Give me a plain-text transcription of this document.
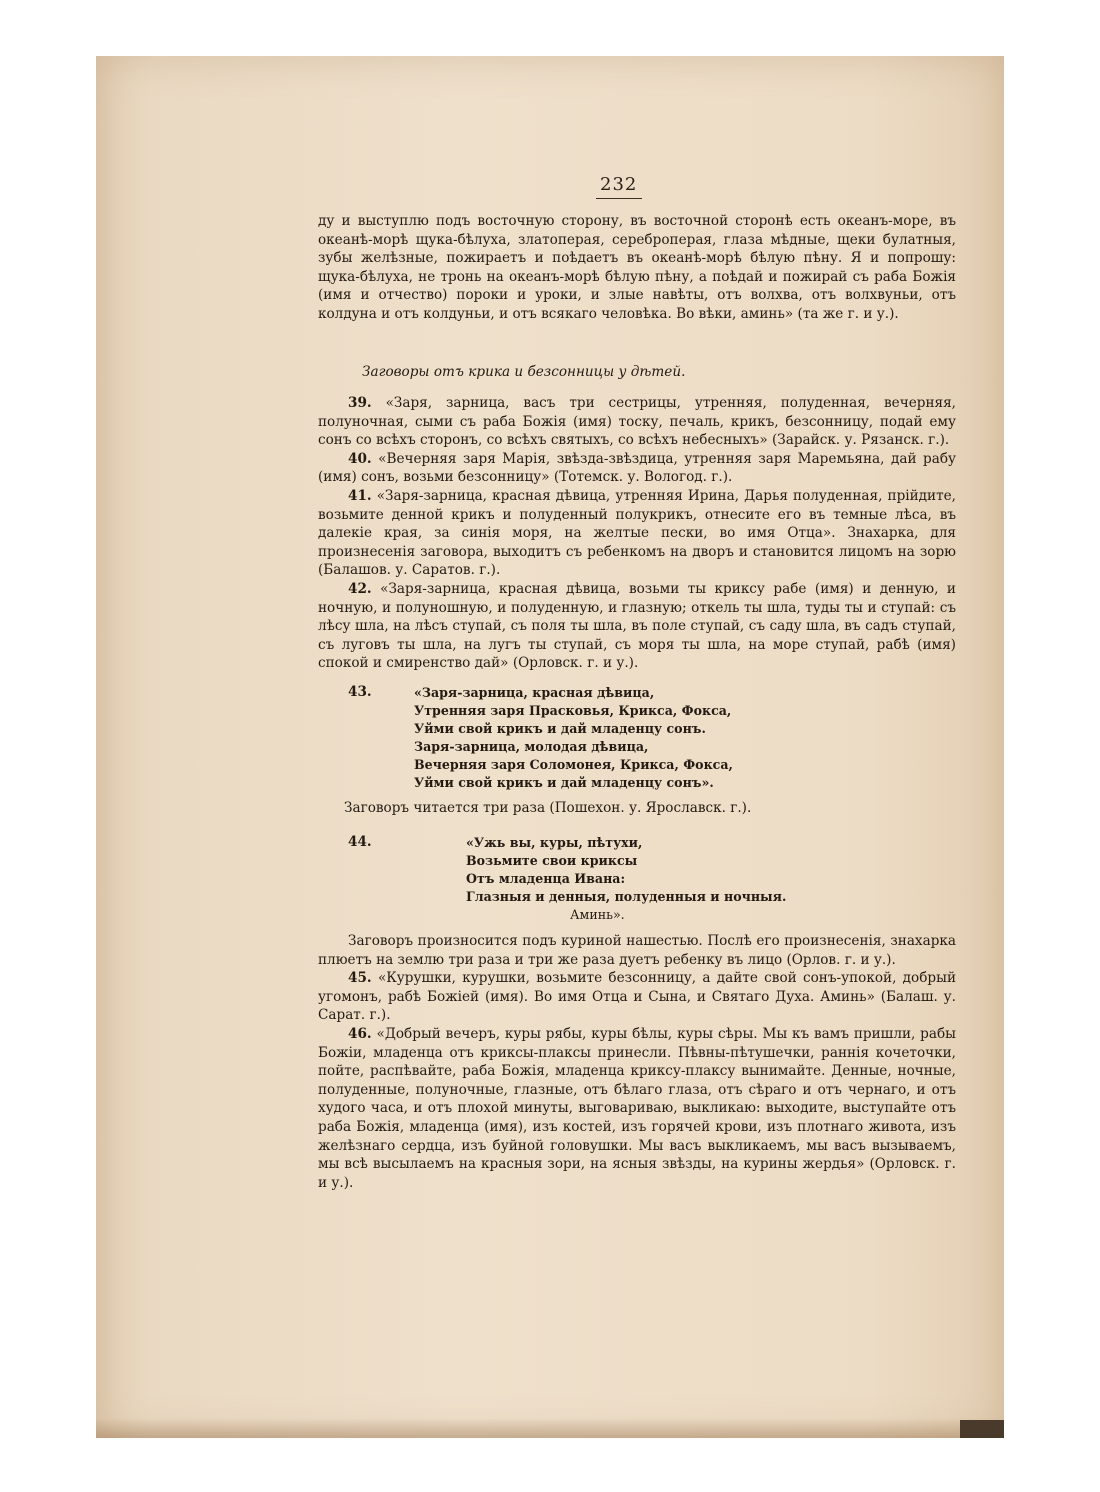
232

ду и выступлю подъ восточную сторону, въ восточной сторонѣ есть океанъ-море, въ океанѣ-морѣ щука-бѣлуха, златоперая, сереброперая, глаза мѣдные, щеки булатныя, зубы желѣзные, пожираетъ и поѣдаетъ въ океанѣ-морѣ бѣлую пѣну. Я и попрошу: щука-бѣлуха, не тронь на океанъ-морѣ бѣлую пѣну, а поѣдай и пожирай съ раба Божія (имя и отчество) пороки и уроки, и злые навѣты, отъ волхва, отъ волхвуньи, отъ колдуна и отъ колдуньи, и отъ всякаго человѣка. Во вѣки, аминь» (та же г. и у.).

Заговоры отъ крика и безсонницы у дѣтей.

39. «Заря, зарница, васъ три сестрицы, утренняя, полуденная, вечерняя, полуночная, сыми съ раба Божія (имя) тоску, печаль, крикъ, безсонницу, подай ему сонъ со всѣхъ сторонъ, со всѣхъ святыхъ, со всѣхъ небесныхъ» (Зарайск. у. Рязанск. г.).

40. «Вечерняя заря Марія, звѣзда-звѣздица, утренняя заря Маремьяна, дай рабу (имя) сонъ, возьми безсонницу» (Тотемск. у. Вологод. г.).

41. «Заря-зарница, красная дѣвица, утренняя Ирина, Дарья полуденная, прійдите, возьмите денной крикъ и полуденный полукрикъ, отнесите его въ темные лѣса, въ далекіе края, за синія моря, на желтые пески, во имя Отца». Знахарка, для произнесенія заговора, выходитъ съ ребенкомъ на дворъ и становится лицомъ на зорю (Балашов. у. Саратов. г.).

42. «Заря-зарница, красная дѣвица, возьми ты криксу рабе (имя) и денную, и ночную, и полуношную, и полуденную, и глазную; откель ты шла, туды ты и ступай: съ лѣсу шла, на лѣсъ ступай, съ поля ты шла, въ поле ступай, съ саду шла, въ садъ ступай, съ луговъ ты шла, на лугъ ты ступай, съ моря ты шла, на море ступай, рабѣ (имя) спокой и смиренство дай» (Орловск. г. и у.).

43.	«Заря-зарница, красная дѣвица,
Утренняя заря Прасковья, Крикса, Фокса,
Уйми свой крикъ и дай младенцу сонъ.
Заря-зарница, молодая дѣвица,
Вечерняя заря Соломонея, Крикса, Фокса,
Уйми свой крикъ и дай младенцу сонъ».
Заговоръ читается три раза (Пошехон. у. Ярославск. г.).
44.	«Ужь вы, куры, пѣтухи,
Возьмите свои криксы
Отъ младенца Ивана:
Глазныя и денныя, полуденныя и ночныя.
Аминь».

Заговоръ произносится подъ куриной нашестью. Послѣ его произнесенія, знахарка плюетъ на землю три раза и три же раза дуетъ ребенку въ лицо (Орлов. г. и у.).

45. «Курушки, курушки, возьмите безсонницу, а дайте свой сонъ-упокой, добрый угомонъ, рабѣ Божіей (имя). Во имя Отца и Сына, и Святаго Духа. Аминь» (Балаш. у. Сарат. г.).

46. «Добрый вечеръ, куры рябы, куры бѣлы, куры сѣры. Мы къ вамъ пришли, рабы Божіи, младенца отъ криксы-плаксы принесли. Пѣвны-пѣтушечки, раннія кочеточки, пойте, распѣвайте, раба Божія, младенца криксу-плаксу вынимайте. Денные, ночные, полуденные, полуночные, глазные, отъ бѣлаго глаза, отъ сѣраго и отъ чернаго, и отъ худого часа, и отъ плохой минуты, выговариваю, выкликаю: выходите, выступайте отъ раба Божія, младенца (имя), изъ костей, изъ горячей крови, изъ плотнаго живота, изъ желѣзнаго сердца, изъ буйной головушки. Мы васъ выкликаемъ, мы васъ вызываемъ, мы всѣ высылаемъ на красныя зори, на ясныя звѣзды, на курины жердья» (Орловск. г. и у.).
